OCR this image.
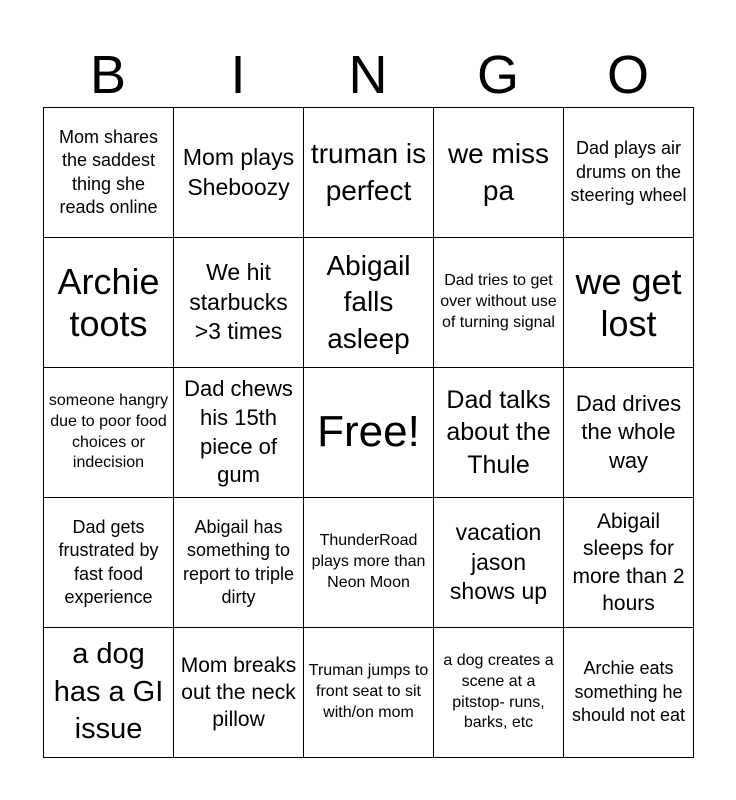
B	I	N	G	O
Mom shares the saddest thing she reads online	Mom plays Sheboozy	truman is perfect	we miss pa	Dad plays air drums on the steering wheel
Archie toots	We hit starbucks >3 times	Abigail falls asleep	Dad tries to get over without use of turning signal	we get lost
someone hangry due to poor food choices or indecision	Dad chews his 15th piece of gum	Free!	Dad talks about the Thule	Dad drives the whole way
Dad gets frustrated by fast food experience	Abigail has something to report to triple dirty	ThunderRoad plays more than Neon Moon	vacation jason shows up	Abigail sleeps for more than 2 hours
a dog has a GI issue	Mom breaks out the neck pillow	Truman jumps to front seat to sit with/on mom	a dog creates a scene at a pitstop- runs, barks, etc	Archie eats something he should not eat
